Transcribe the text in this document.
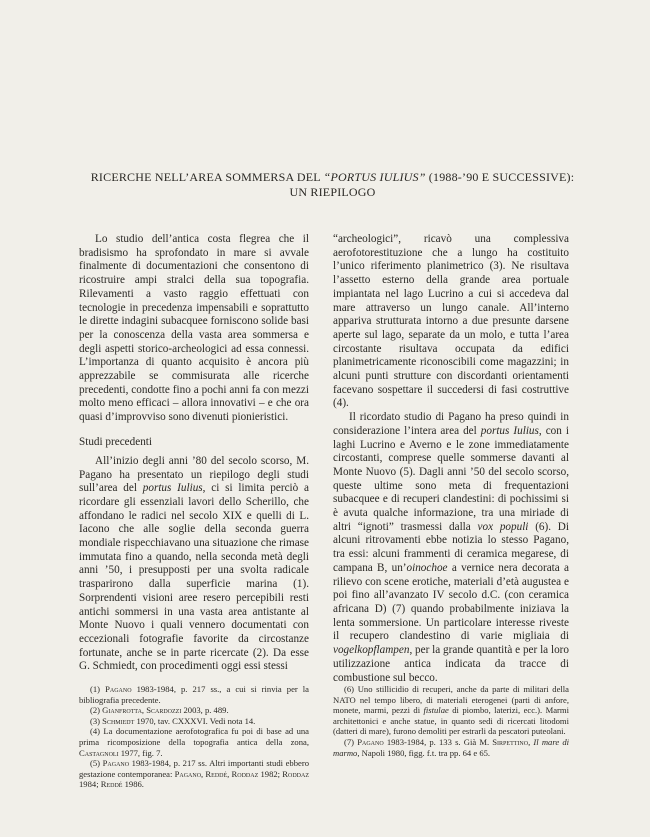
RICERCHE NELL’AREA SOMMERSA DEL “PORTUS IULIUS” (1988-’90 E SUCCESSIVE):
UN RIEPILOGO

Lo studio dell’antica costa flegrea che il bradisismo ha sprofondato in mare si avvale finalmente di documentazioni che consentono di ricostruire ampi stralci della sua topografia. Rilevamenti a vasto raggio effettuati con tecnologie in precedenza impensabili e soprattutto le dirette indagini subacquee forniscono solide basi per la conoscenza della vasta area sommersa e degli aspetti storico-archeologici ad essa connessi. L’importanza di quanto acquisito è ancora più apprezzabile se commisurata alle ricerche precedenti, condotte fino a pochi anni fa con mezzi molto meno efficaci – allora innovativi – e che ora quasi d’improvviso sono divenuti pionieristici.

Studi precedenti

All’inizio degli anni ’80 del secolo scorso, M. Pagano ha presentato un riepilogo degli studi sull’area del portus Iulius, ci si limita perciò a ricordare gli essenziali lavori dello Scherillo, che affondano le radici nel secolo XIX e quelli di L. Iacono che alle soglie della seconda guerra mondiale rispecchiavano una situazione che rimase immutata fino a quando, nella seconda metà degli anni ’50, i presupposti per una svolta radicale trasparirono dalla superficie marina (1). Sorprendenti visioni aree resero percepibili resti antichi sommersi in una vasta area antistante al Monte Nuovo i quali vennero documentati con eccezionali fotografie favorite da circostanze fortunate, anche se in parte ricercate (2). Da esse G. Schmiedt, con procedimenti oggi essi stessi

“archeologici”, ricavò una complessiva aerofotorestituzione che a lungo ha costituito l’unico riferimento planimetrico (3). Ne risultava l’assetto esterno della grande area portuale impiantata nel lago Lucrino a cui si accedeva dal mare attraverso un lungo canale. All’interno appariva strutturata intorno a due presunte darsene aperte sul lago, separate da un molo, e tutta l’area circostante risultava occupata da edifici planimetricamente riconoscibili come magazzini; in alcuni punti strutture con discordanti orientamenti facevano sospettare il succedersi di fasi costruttive (4).

Il ricordato studio di Pagano ha preso quindi in considerazione l’intera area del portus Iulius, con i laghi Lucrino e Averno e le zone immediatamente circostanti, comprese quelle sommerse davanti al Monte Nuovo (5). Dagli anni ’50 del secolo scorso, queste ultime sono meta di frequentazioni subacquee e di recuperi clandestini: di pochissimi si è avuta qualche informazione, tra una miriade di altri “ignoti” trasmessi dalla vox populi (6). Di alcuni ritrovamenti ebbe notizia lo stesso Pagano, tra essi: alcuni frammenti di ceramica megarese, di campana B, un’oinochoe a vernice nera decorata a rilievo con scene erotiche, materiali d’età augustea e poi fino all’avanzato IV secolo d.C. (con ceramica africana D) (7) quando probabilmente iniziava la lenta sommersione. Un particolare interesse riveste il recupero clandestino di varie migliaia di vogelkopflampen, per la grande quantità e per la loro utilizzazione antica indicata da tracce di combustione sul becco.

(1) Pagano 1983-1984, p. 217 ss., a cui si rinvia per la bibliografia precedente.

(2) Gianfrotta, Scardozzi 2003, p. 489.

(3) Schmiedt 1970, tav. CXXXVI. Vedi nota 14.

(4) La documentazione aerofotografica fu poi di base ad una prima ricomposizione della topografia antica della zona, Castagnoli 1977, fig. 7.

(5) Pagano 1983-1984, p. 217 ss. Altri importanti studi ebbero gestazione contemporanea: Pagano, Reddé, Roddaz 1982; Roddaz 1984; Reddé 1986.

(6) Uno stillicidio di recuperi, anche da parte di militari della NATO nel tempo libero, di materiali eterogenei (parti di anfore, monete, marmi, pezzi di fistulae di piombo, laterizi, ecc.). Marmi architettonici e anche statue, in quanto sedi di ricercati litodomi (datteri di mare), furono demoliti per estrarli da pescatori puteolani.

(7) Pagano 1983-1984, p. 133 s. Già M. Sirpettino, Il mare di marmo, Napoli 1980, figg. f.t. tra pp. 64 e 65.
